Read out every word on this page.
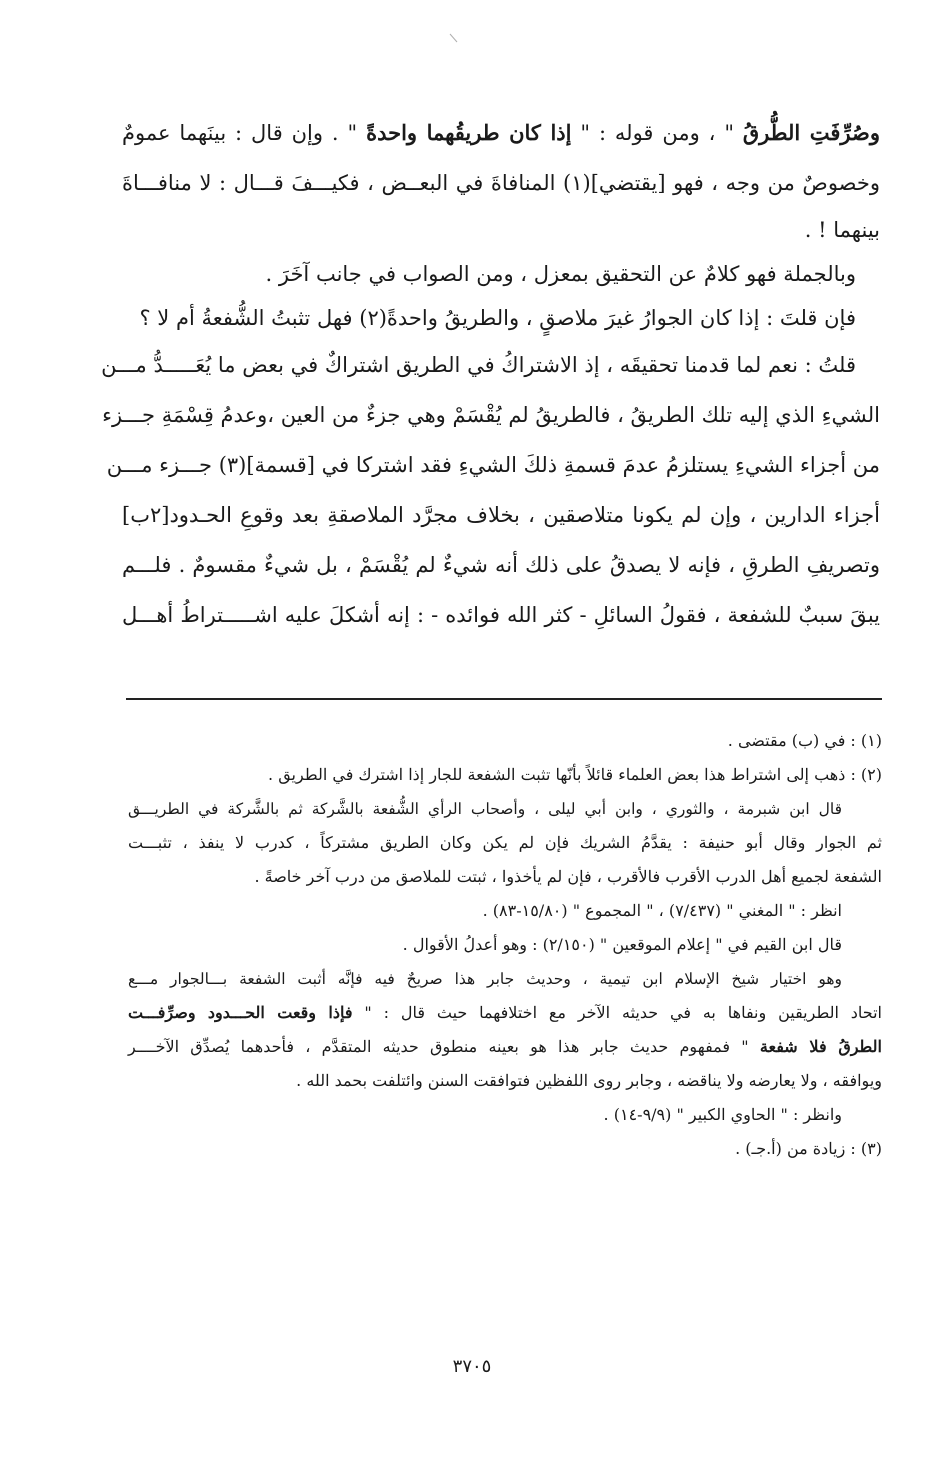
وصُرِّفَتِ الطُّرقُ " ، ومن قوله : " إذا كان طريقُهما واحدةً " . وإن قال : بينَهما عمومٌ
وخصوصٌ من وجه ، فهو [يقتضي](١) المنافاةَ في البعــض ، فكيـــفَ قـــال : لا منافـــاةَ
بينهما ! .
وبالجملة فهو كلامٌ عن التحقيق بمعزل ، ومن الصواب في جانب آخَرَ .
فإن قلتَ : إذا كان الجوارُ غيرَ ملاصقٍ ، والطريقُ واحدةً(٢) فهل تثبتُ الشُّفعةُ أم لا ؟
قلتُ : نعم لما قدمنا تحقيقَه ، إذ الاشتراكُ في الطريق اشتراكٌ في بعض ما يُعَـــــدُّ مـــن
الشيءِ الذي إليه تلك الطريقُ ، فالطريقُ لم يُقْسَمْ وهي جزءٌ من العين ،وعدمُ قِسْمَةِ جـــزء
من أجزاء الشيءِ يستلزمُ عدمَ قسمةِ ذلكَ الشيءِ فقد اشتركا في [قسمة](٣) جـــزء مـــن
أجزاء الدارين ، وإن لم يكونا متلاصقين ، بخلاف مجرَّد الملاصقةِ بعد وقوعِ الحـدود[٢ب]
وتصريفِ الطرقِ ، فإنه لا يصدقُ على ذلك أنه شيءٌ لم يُقْسَمْ ، بل شيءٌ مقسومٌ . فلـــم
يبقَ سببٌ للشفعة ، فقولُ السائلِ - كثر الله فوائده - : إنه أشكلَ عليه اشـــــتراطُ أهـــل
(١) : في (ب) مقتضى .
(٢) : ذهب إلى اشتراط هذا بعض العلماء قائلاً بأنّها تثبت الشفعة للجار إذا اشترك في الطريق .
قال ابن شبرمة ، والثوري ، وابن أبي ليلى ، وأصحاب الرأي الشُّفعة بالشَّركة ثم بالشَّركة في الطريـــق
ثم الجوار وقال أبو حنيفة : يقدَّمُ الشريك فإن لم يكن وكان الطريق مشتركاً ، كدرب لا ينفذ ، تثبـــت
الشفعة لجميع أهل الدرب الأقرب فالأقرب ، فإن لم يأخذوا ، ثبتت للملاصق من درب آخر خاصةً .
انظر : " المغني " (٧/٤٣٧) ، " المجموع " (١٥/٨٠-٨٣) .
قال ابن القيم في " إعلام الموقعين " (٢/١٥٠) : وهو أعدلُ الأقوال .
وهو اختيار شيخ الإسلام ابن تيمية ، وحديث جابر هذا صريحٌ فيه فإنَّه أثبت الشفعة بـــالجوار مـــع
اتحاد الطريقين ونفاها به في حديثه الآخر مع اختلافهما حيث قال : " فإذا وقعت الحـــدود وصرِّفـــت
الطرقُ فلا شفعة " فمفهوم حديث جابر هذا هو بعينه منطوق حديثه المتقدَّم ، فأحدهما يُصدِّق الآخــــر
ويوافقه ، ولا يعارضه ولا يناقضه ، وجابر روى اللفظين فتوافقت السنن وائتلفت بحمد الله .
وانظر : " الحاوي الكبير " (٩/٩-١٤) .
(٣) : زيادة من (أ.جـ) .
٣٧٠٥
